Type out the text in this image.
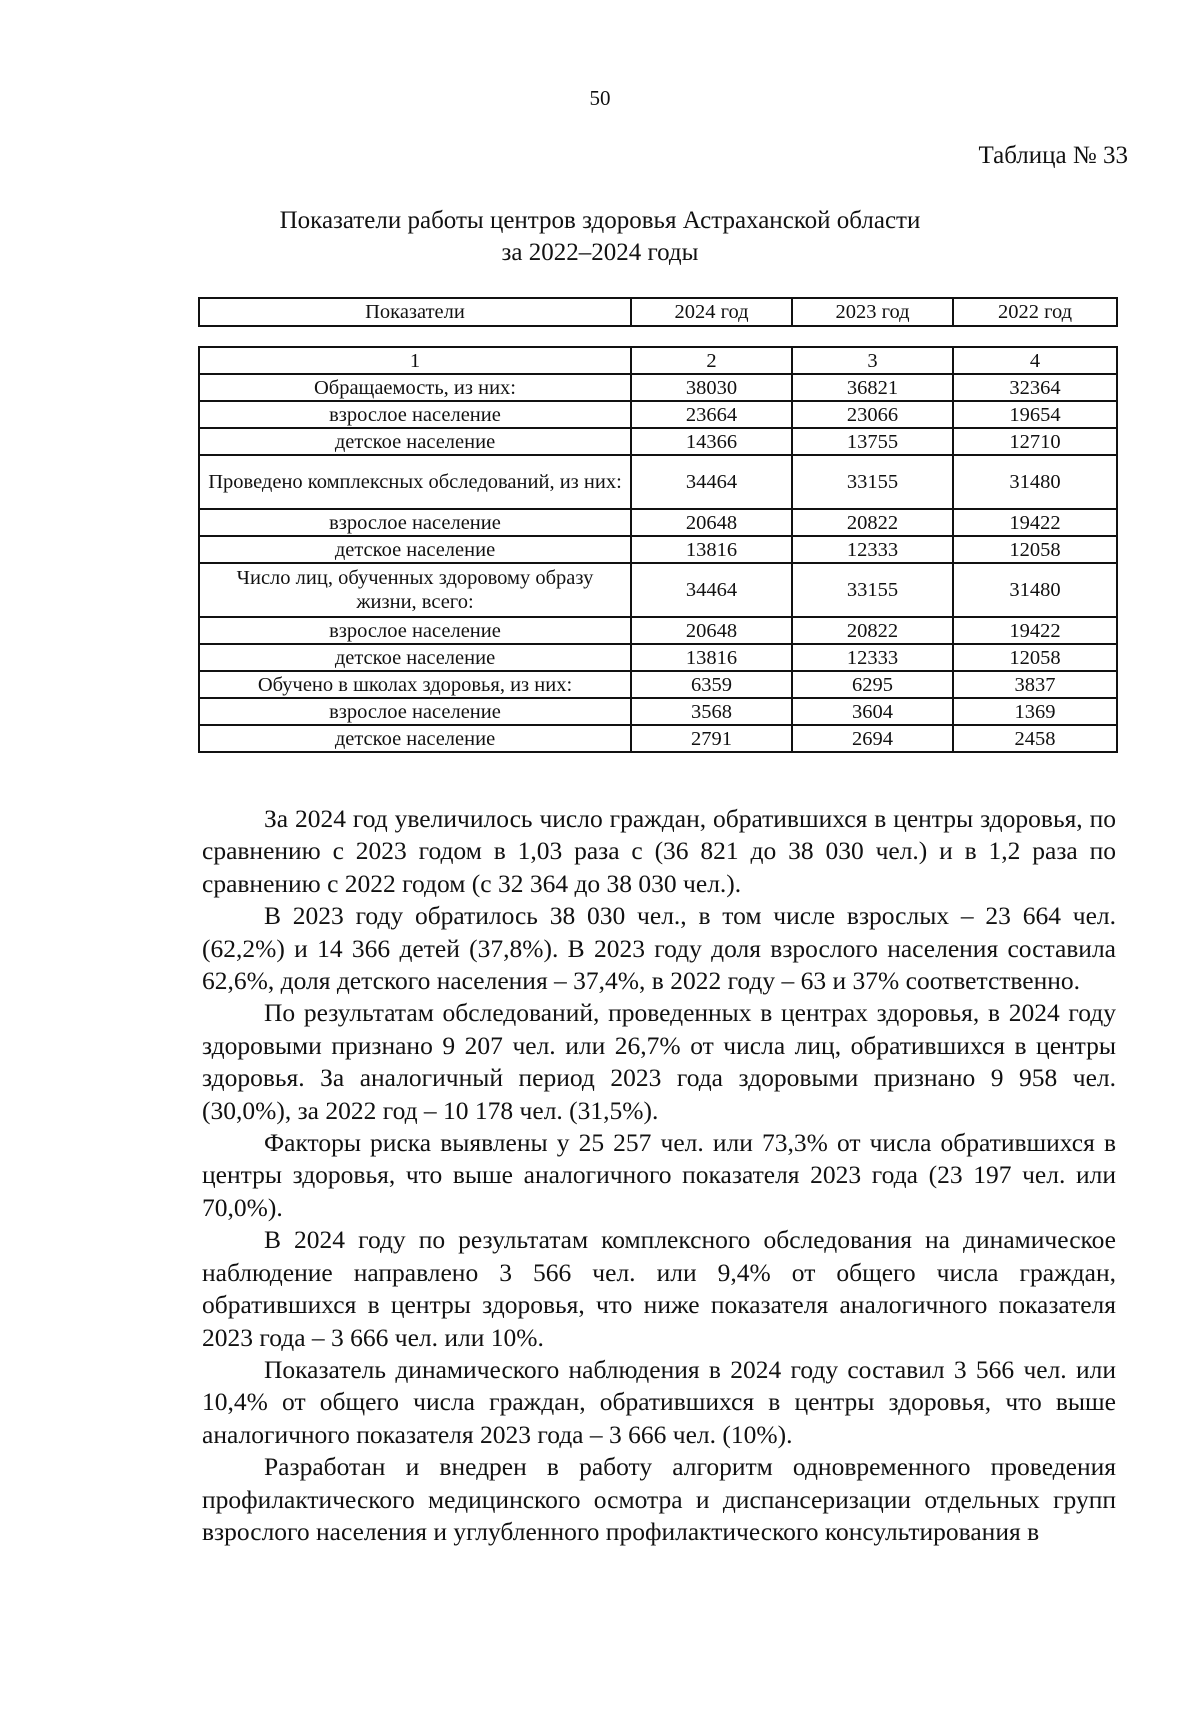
50
Таблица № 33
Показатели работы центров здоровья Астраханской области
за 2022–2024 годы
Показатели	2024 год	2023 год	2022 год
1	2	3	4
Обращаемость, из них:	38030	36821	32364
взрослое население	23664	23066	19654
детское население	14366	13755	12710
Проведено комплексных обследований, из них:	34464	33155	31480
взрослое население	20648	20822	19422
детское население	13816	12333	12058
Число лиц, обученных здоровому образу жизни, всего:	34464	33155	31480
взрослое население	20648	20822	19422
детское население	13816	12333	12058
Обучено в школах здоровья, из них:	6359	6295	3837
взрослое население	3568	3604	1369
детское население	2791	2694	2458

За 2024 год увеличилось число граждан, обратившихся в центры здоровья, по сравнению с 2023 годом в 1,03 раза с (36 821 до 38 030 чел.) и в 1,2 раза по сравнению с 2022 годом (с 32 364 до 38 030 чел.).

В 2023 году обратилось 38 030 чел., в том числе взрослых – 23 664 чел. (62,2%) и 14 366 детей (37,8%). В 2023 году доля взрослого населения составила 62,6%, доля детского населения – 37,4%, в 2022 году – 63 и 37% соответственно.

По результатам обследований, проведенных в центрах здоровья, в 2024 году здоровыми признано 9 207 чел. или 26,7% от числа лиц, обратившихся в центры здоровья. За аналогичный период 2023 года здоровыми признано 9 958 чел. (30,0%), за 2022 год – 10 178 чел. (31,5%).

Факторы риска выявлены у 25 257 чел. или 73,3% от числа обратившихся в центры здоровья, что выше аналогичного показателя 2023 года (23 197 чел. или 70,0%).

В 2024 году по результатам комплексного обследования на динамическое наблюдение направлено 3 566 чел. или 9,4% от общего числа граждан, обратившихся в центры здоровья, что ниже показателя аналогичного показателя 2023 года – 3 666 чел. или 10%.

Показатель динамического наблюдения в 2024 году составил 3 566 чел. или 10,4% от общего числа граждан, обратившихся в центры здоровья, что выше аналогичного показателя 2023 года – 3 666 чел. (10%).

Разработан и внедрен в работу алгоритм одновременного проведения профилактического медицинского осмотра и диспансеризации отдельных групп взрослого населения и углубленного профилактического консультирования в
